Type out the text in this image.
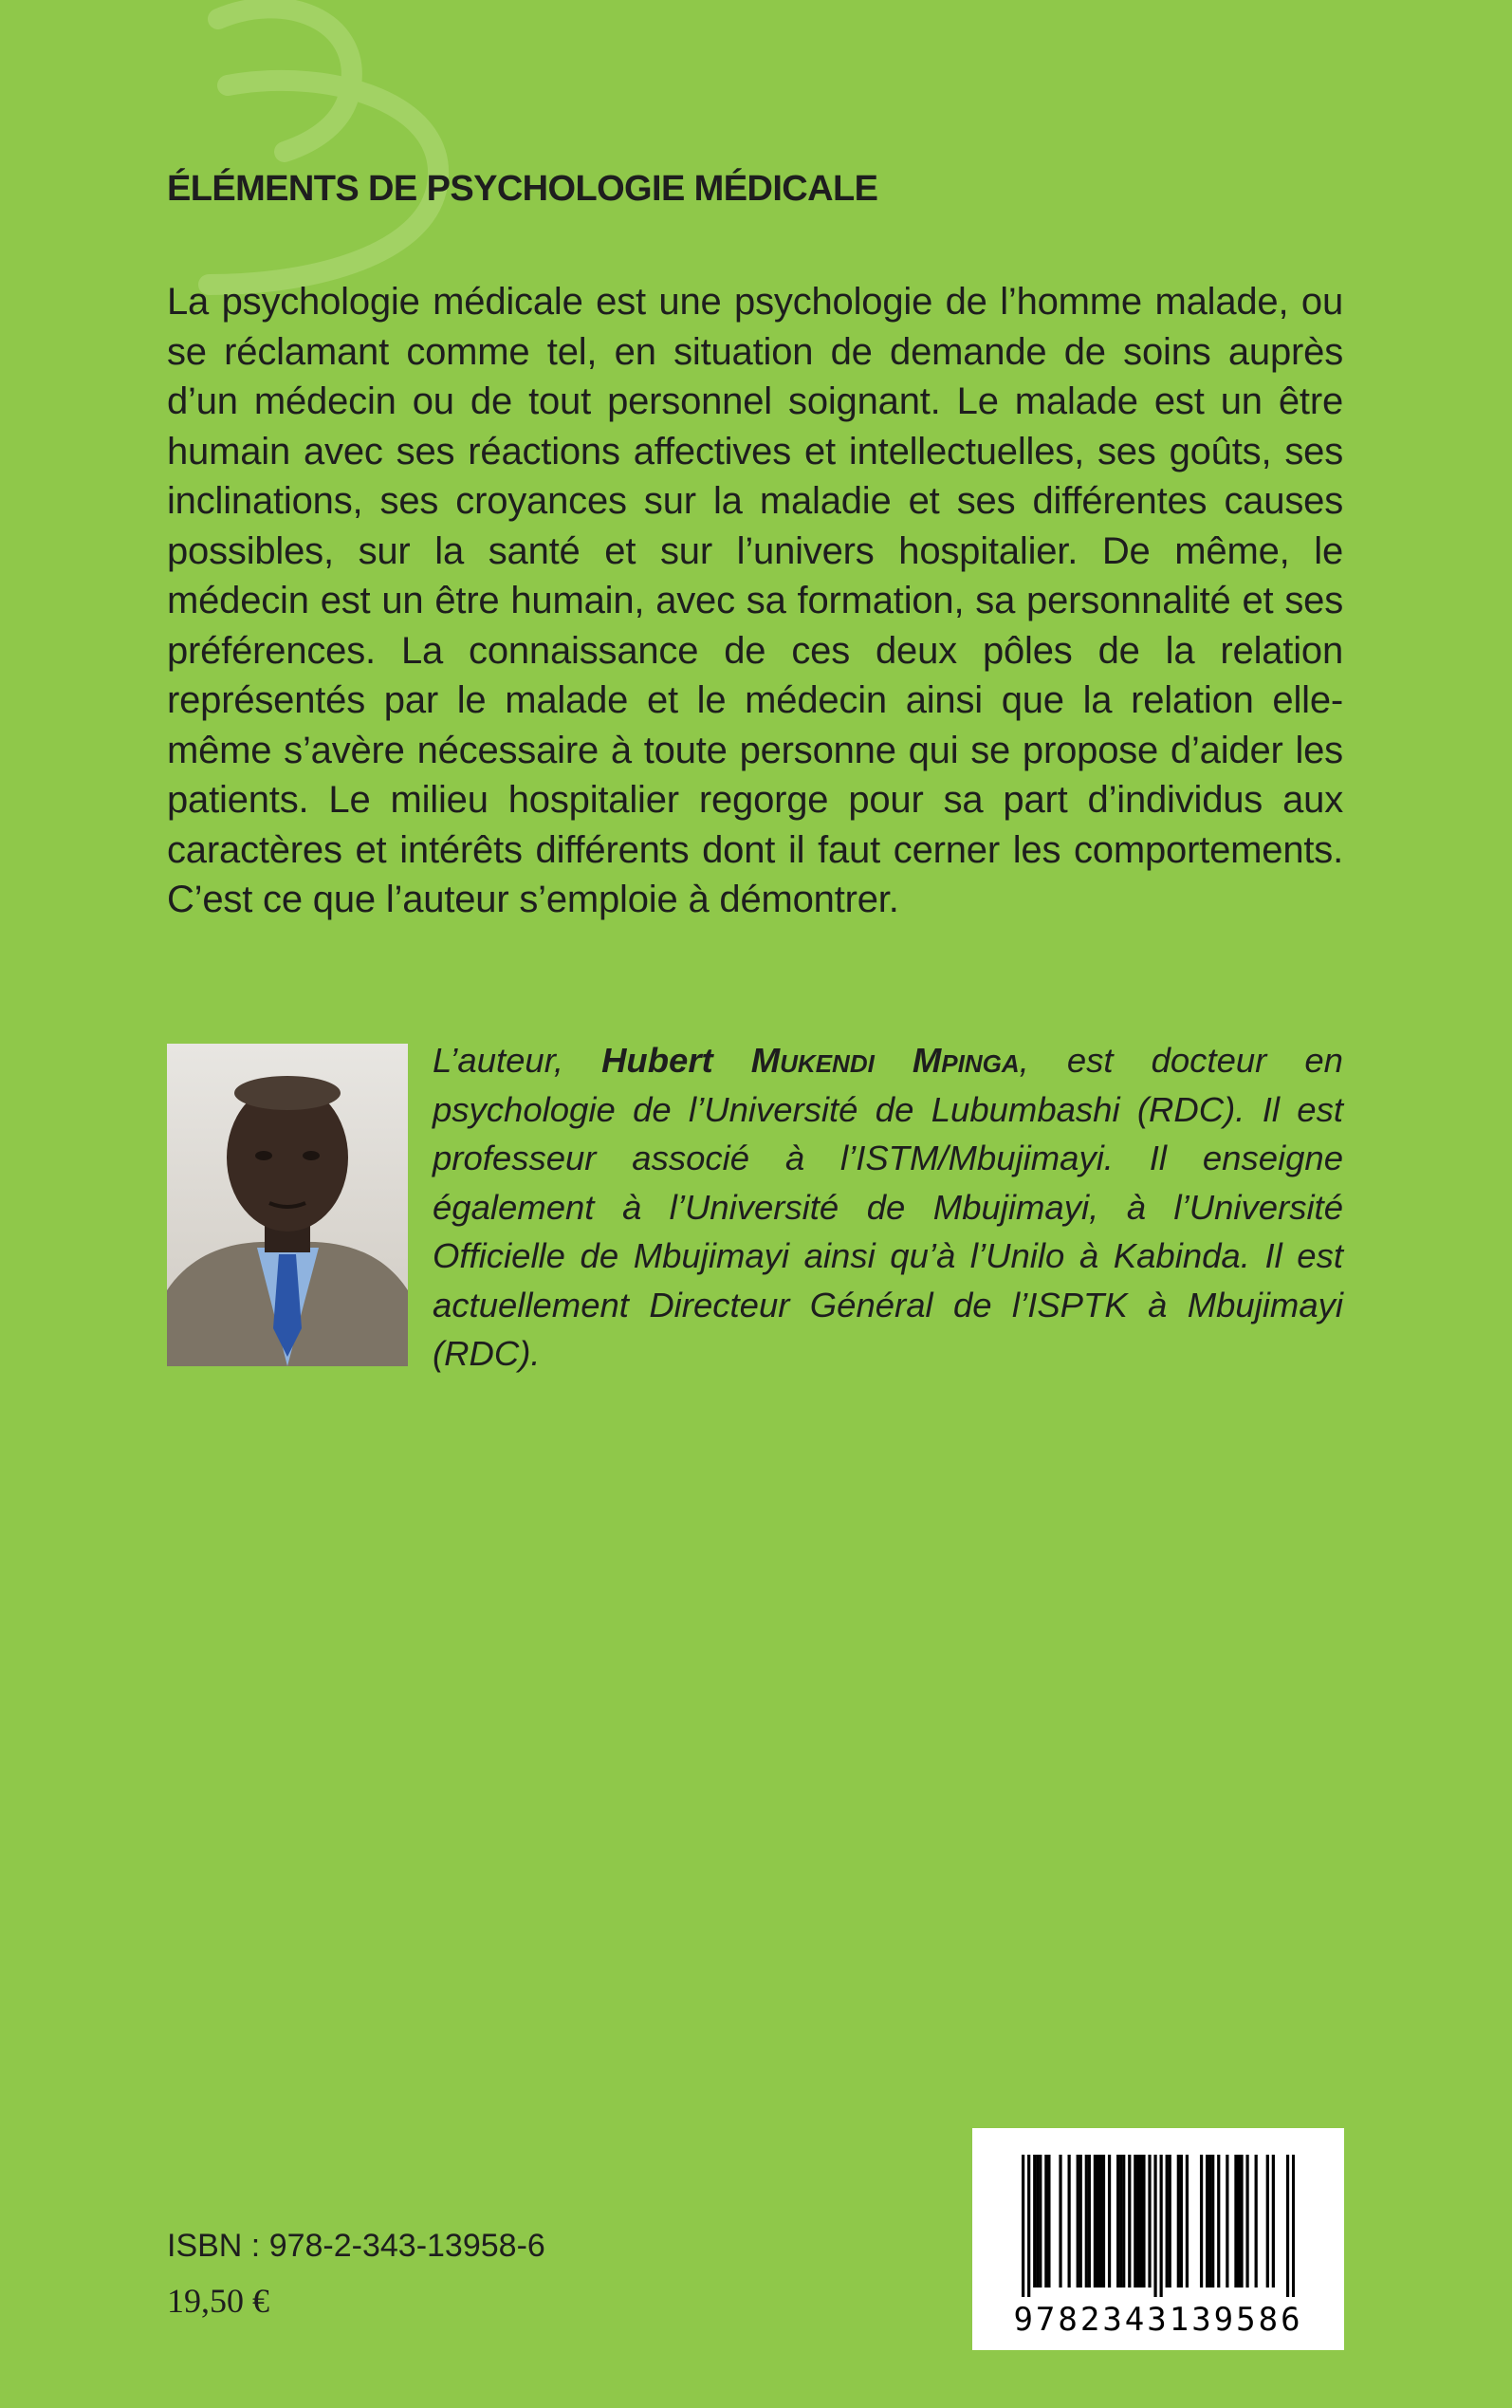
ÉLÉMENTS DE PSYCHOLOGIE MÉDICALE

La psychologie médicale est une psychologie de l’homme malade, ou se réclamant comme tel, en situation de demande de soins auprès d’un médecin ou de tout personnel soignant. Le malade est un être humain avec ses réactions affectives et intellectuelles, ses goûts, ses inclinations, ses croyances sur la maladie et ses différentes causes possibles, sur la santé et sur l’univers hospitalier. De même, le médecin est un être humain, avec sa formation, sa personnalité et ses préférences. La connaissance de ces deux pôles de la relation représentés par le malade et le médecin ainsi que la relation elle-même s’avère nécessaire à toute personne qui se propose d’aider les patients. Le milieu hospitalier regorge pour sa part d’individus aux caractères et intérêts différents dont il faut cerner les comportements. C’est ce que l’auteur s’emploie à démontrer.

L’auteur, Hubert Mukendi Mpinga, est docteur en psychologie de l’Université de Lubumbashi (RDC). Il est professeur associé à l’ISTM/Mbujimayi. Il enseigne également à l’Université de Mbujimayi, à l’Université Officielle de Mbujimayi ainsi qu’à l’Unilo à Kabinda. Il est actuellement Directeur Général de l’ISPTK à Mbujimayi (RDC).

ISBN : 978-2-343-13958-6
19,50 €	9782343139586
